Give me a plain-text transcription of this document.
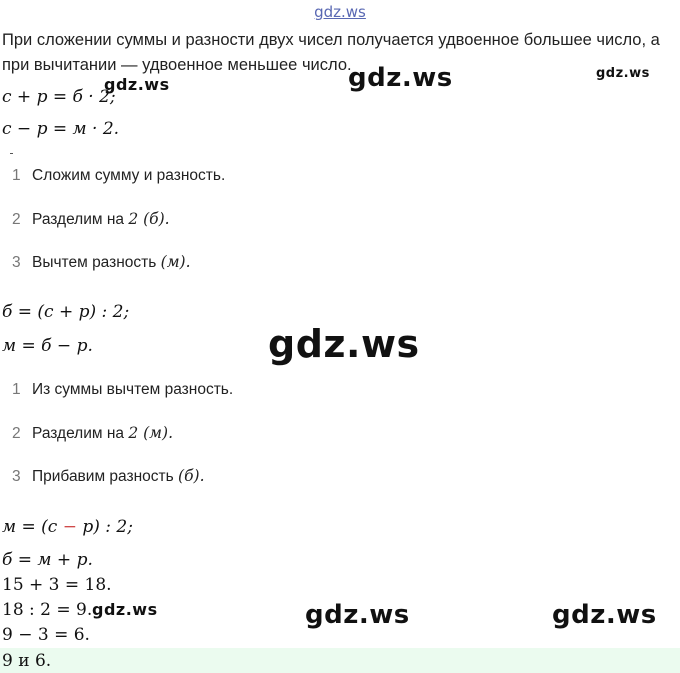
gdz.ws
При сложении суммы и разности двух чисел получается удвоенное большее число, а
при вычитании — удвоенное меньшее число.	gdz.ws
gdz.ws
с + р = б · 2;
gdz.ws
с − р = м · 2.
1 Сложим сумму и разность.
2 Разделим на 2 (б).
3 Вычтем разность (м).
б = (с + р) : 2;
м = б − р.	gdz.ws
1 Из суммы вычтем разность.
2 Разделим на 2 (м).
3 Прибавим разность (б).
м = (с − р) : 2;
б = м + р.
15 + 3 = 18.
18 : 2 = 9. gdz.ws
9 − 3 = 6.
gdz.ws	gdz.ws
9 и 6.
